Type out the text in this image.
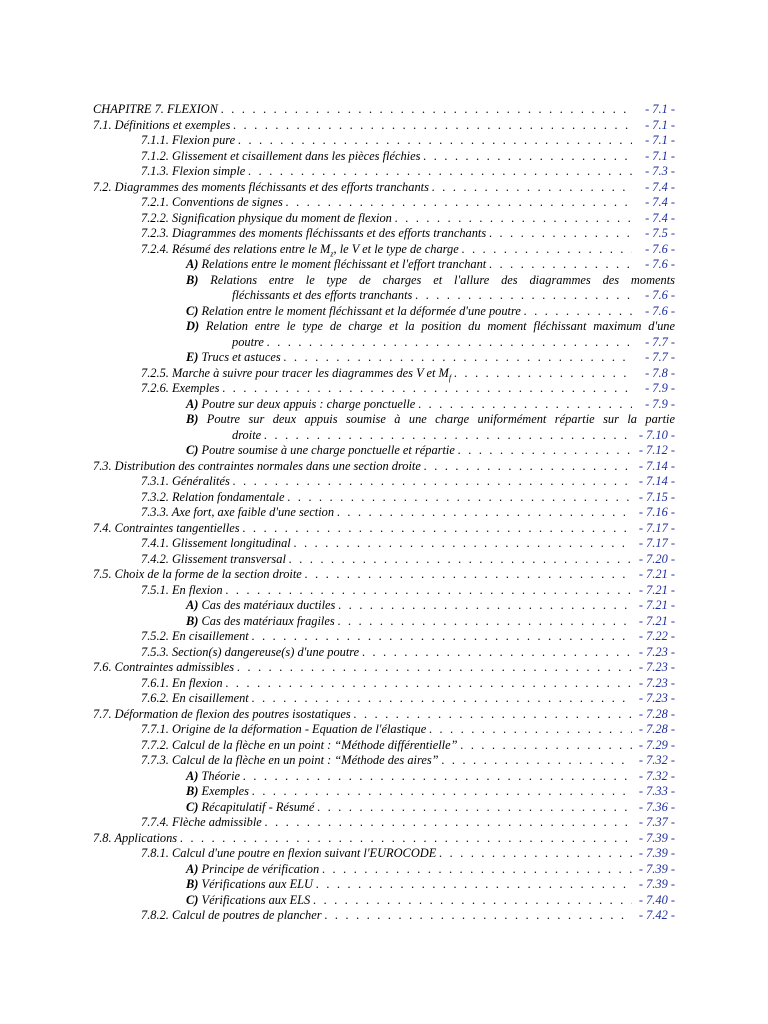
CHAPITRE 7. FLEXION . . .	- 7.1 -
7.1. Définitions et exemples . . .	- 7.1 -
7.1.1. Flexion pure . . .	- 7.1 -
7.1.2. Glissement et cisaillement dans les pièces fléchies . . .	- 7.1 -
7.1.3. Flexion simple . . .	- 7.3 -
7.2. Diagrammes des moments fléchissants et des efforts tranchants . . .	- 7.4 -
7.2.1. Conventions de signes . . .	- 7.4 -
7.2.2. Signification physique du moment de flexion . . .	- 7.4 -
7.2.3. Diagrammes des moments fléchissants et des efforts tranchants . . .	- 7.5 -
7.2.4. Résumé des relations entre le $M_z$, le V et le type de charge . . .	- 7.6 -
A) Relations entre le moment fléchissant et l'effort tranchant . . .	- 7.6 -
B) Relations entre le type de charges et l'allure des diagrammes des moments
fléchissants et des efforts tranchants . . .	- 7.6 -
C) Relation entre le moment fléchissant et la déformée d'une poutre . . .	- 7.6 -
D) Relation entre le type de charge et la position du moment fléchissant maximum d'une
poutre . . .	- 7.7 -
E) Trucs et astuces . . .	- 7.7 -
7.2.5. Marche à suivre pour tracer les diagrammes des V et $M_f$ . . .	- 7.8 -
7.2.6. Exemples . . .	- 7.9 -
A) Poutre sur deux appuis : charge ponctuelle . . .	- 7.9 -
B) Poutre sur deux appuis soumise à une charge uniformément répartie sur la partie
droite . . .	- 7.10 -
C) Poutre soumise à une charge ponctuelle et répartie . . .	- 7.12 -
7.3. Distribution des contraintes normales dans une section droite . . .	- 7.14 -
7.3.1. Généralités . . .	- 7.14 -
7.3.2. Relation fondamentale . . .	- 7.15 -
7.3.3. Axe fort, axe faible d'une section . . .	- 7.16 -
7.4. Contraintes tangentielles . . .	- 7.17 -
7.4.1. Glissement longitudinal . . .	- 7.17 -
7.4.2. Glissement transversal . . .	- 7.20 -
7.5. Choix de la forme de la section droite . . .	- 7.21 -
7.5.1. En flexion . . .	- 7.21 -
A) Cas des matériaux ductiles . . .	- 7.21 -
B) Cas des matériaux fragiles . . .	- 7.21 -
7.5.2. En cisaillement . . .	- 7.22 -
7.5.3. Section(s) dangereuse(s) d'une poutre . . .	- 7.23 -
7.6. Contraintes admissibles . . .	- 7.23 -
7.6.1. En flexion . . .	- 7.23 -
7.6.2. En cisaillement . . .	- 7.23 -
7.7. Déformation de flexion des poutres isostatiques . . .	- 7.28 -
7.7.1. Origine de la déformation - Equation de l'élastique . . .	- 7.28 -
7.7.2. Calcul de la flèche en un point : “Méthode différentielle” . . .	- 7.29 -
7.7.3. Calcul de la flèche en un point : “Méthode des aires” . . .	- 7.32 -
A) Théorie . . .	- 7.32 -
B) Exemples . . .	- 7.33 -
C) Récapitulatif - Résumé . . .	- 7.36 -
7.7.4. Flèche admissible . . .	- 7.37 -
7.8. Applications . . .	- 7.39 -
7.8.1. Calcul d'une poutre en flexion suivant l'EUROCODE . . .	- 7.39 -
A) Principe de vérification . . .	- 7.39 -
B) Vérifications aux ELU . . .	- 7.39 -
C) Vérifications aux ELS . . .	- 7.40 -
7.8.2. Calcul de poutres de plancher . . .	- 7.42 -
